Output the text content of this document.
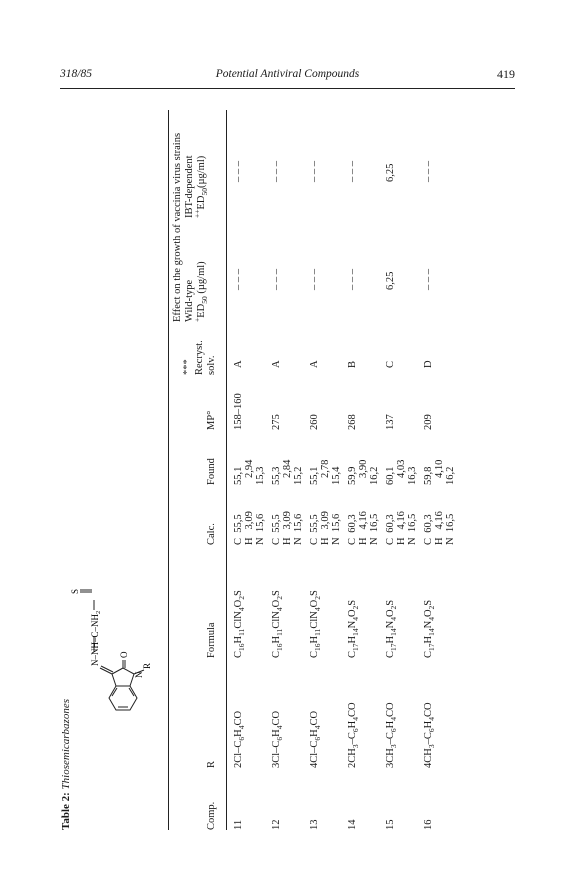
318/85	Potential Antiviral Compounds	419
Table 2: Thiosemicarbazones
S
$N-NH-C-NH_2$
O
N
R
Comp.
R
Formula
Calc.
Found
MP°
*** Recryst. solv.
Effect on the growth of vaccinia virus strains Wild-type
$^+ED_{50}$ (µg/ml)
IBT-dependent
$^{++}ED_{50}(\mu g/ml)$
11
$2Cl-C_6H_4CO$
$C_{16}H_{11}ClN_4O_2S$
C  55,5 H   3,09 N  15,6
55,1 2,94 15,3
158–160
A
– – –
– – –
12
$3Cl-C_6H_4CO$
$C_{16}H_{11}ClN_4O_2S$
C  55,5 H   3,09 N  15,6
55,3 2,84 15,2
275
A
– – –
– – –
13
$4Cl-C_6H_4CO$
$C_{16}H_{11}ClN_4O_2S$
C  55,5 H   3,09 N  15,6
55,1 2,78 15,4
260
A
– – –
– – –
14
$2CH_3-C_6H_4CO$
$C_{17}H_{14}N_4O_2S$
C  60,3 H   4,16 N  16,5
59,9 3,90 16,2
268
B
– – –
– – –
15
$3CH_3-C_6H_4CO$
$C_{17}H_{14}N_4O_2S$
C  60,3 H   4,16 N  16,5
60,1 4,03 16,3
137
C
6,25
6,25
16
$4CH_3-C_6H_4CO$
$C_{17}H_{14}N_4O_2S$
C  60,3 H   4,16 N  16,5
59,8 4,10 16,2
209
D
– – –
– – –
